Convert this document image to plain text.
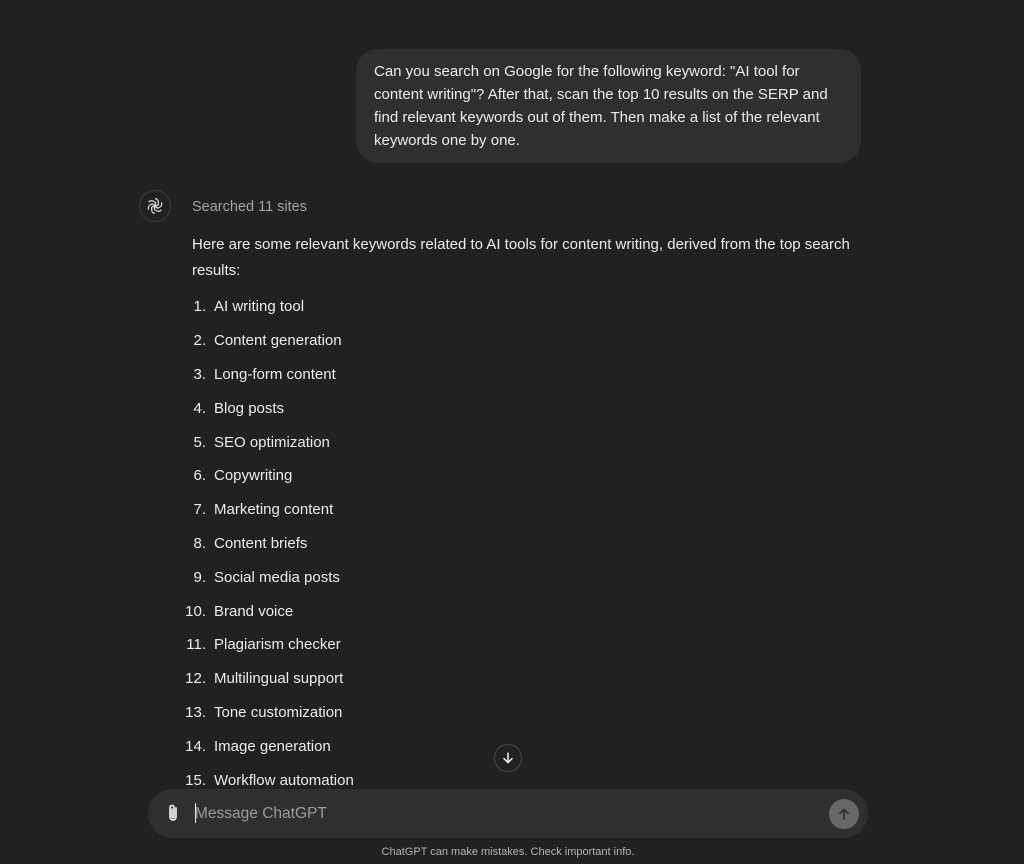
Can you search on Google for the following keyword: "AI tool for content writing"? After that, scan the top 10 results on the SERP and find relevant keywords out of them. Then make a list of the relevant keywords one by one.
Searched 11 sites
Here are some relevant keywords related to AI tools for content writing, derived from the top search results:
1. AI writing tool
2. Content generation
3. Long-form content
4. Blog posts
5. SEO optimization
6. Copywriting
7. Marketing content
8. Content briefs
9. Social media posts
10. Brand voice
11. Plagiarism checker
12. Multilingual support
13. Tone customization
14. Image generation
15. Workflow automation
Message ChatGPT
ChatGPT can make mistakes. Check important info.
